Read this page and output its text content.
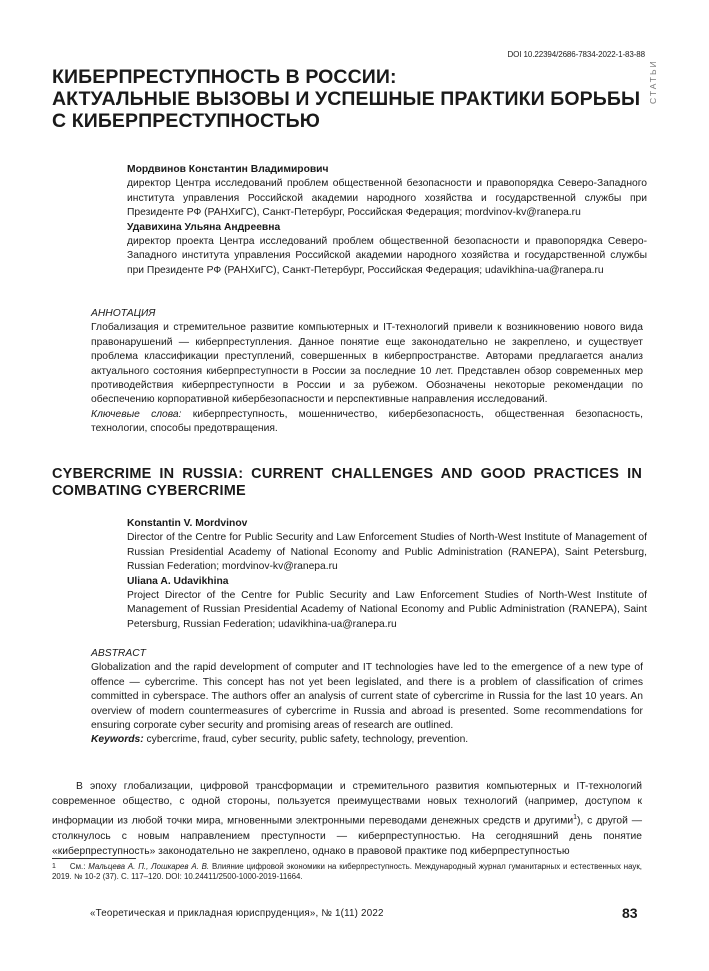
DOI 10.22394/2686-7834-2022-1-83-88
СТАТЬИ
КИБЕРПРЕСТУПНОСТЬ В РОССИИ:
АКТУАЛЬНЫЕ ВЫЗОВЫ И УСПЕШНЫЕ ПРАКТИКИ БОРЬБЫ
С КИБЕРПРЕСТУПНОСТЬЮ
Мордвинов Константин Владимирович
директор Центра исследований проблем общественной безопасности и правопорядка Северо-Западного института управления Российской академии народного хозяйства и государственной службы при Президенте РФ (РАНХиГС), Санкт-Петербург, Российская Федерация; mordvinov-kv@ranepa.ru
Удавихина Ульяна Андреевна
директор проекта Центра исследований проблем общественной безопасности и правопорядка Северо-Западного института управления Российской академии народного хозяйства и государственной службы при Президенте РФ (РАНХиГС), Санкт-Петербург, Российская Федерация; udavikhina-ua@ranepa.ru
АННОТАЦИЯ

Глобализация и стремительное развитие компьютерных и IT-технологий привели к возникновению нового вида правонарушений — киберпреступления. Данное понятие еще законодательно не закреплено, и существует проблема классификации преступлений, совершенных в киберпространстве. Авторами предлагается анализ актуального состояния киберпреступности в России за последние 10 лет. Представлен обзор современных мер противодействия киберпреступности в России и за рубежом. Обозначены некоторые рекомендации по обеспечению корпоративной кибербезопасности и перспективные направления исследований.

Ключевые слова: киберпреступность, мошенничество, кибербезопасность, общественная безопасность, технологии, способы предотвращения.

CYBERCRIME IN RUSSIA: CURRENT CHALLENGES AND GOOD PRACTICES IN COMBATING CYBERCRIME
Konstantin V. Mordvinov
Director of the Centre for Public Security and Law Enforcement Studies of North-West Institute of Management of Russian Presidential Academy of National Economy and Public Administration (RANEPA), Saint Petersburg, Russian Federation; mordvinov-kv@ranepa.ru
Uliana A. Udavikhina
Project Director of the Centre for Public Security and Law Enforcement Studies of North-West Institute of Management of Russian Presidential Academy of National Economy and Public Administration (RANEPA), Saint Petersburg, Russian Federation; udavikhina-ua@ranepa.ru
ABSTRACT

Globalization and the rapid development of computer and IT technologies have led to the emergence of a new type of offence — cybercrime. This concept has not yet been legislated, and there is a problem of classification of crimes committed in cyberspace. The authors offer an analysis of current state of cybercrime in Russia for the last 10 years. An overview of modern countermeasures of cybercrime in Russia and abroad is presented. Some recommendations for ensuring corporate cyber security and promising areas of research are outlined.

Keywords: cybercrime, fraud, cyber security, public safety, technology, prevention.

В эпоху глобализации, цифровой трансформации и стремительного развития компьютерных и IT-технологий современное общество, с одной стороны, пользуется преимуществами новых технологий (например, доступом к информации из любой точки мира, мгновенными электронными переводами денежных средств и другими$^1$), с другой — столкнулось с новым направлением преступности — киберпреступностью. На сегодняшний день понятие «киберпреступность» законодательно не закреплено, однако в правовой практике под киберпреступностью

1 См.: Мальцева А. П., Лошкарев А. В. Влияние цифровой экономики на киберпреступность. Международный журнал гуманитарных и естественных наук, 2019. № 10-2 (37). С. 117–120. DOI: 10.24411/2500-1000-2019-11664.
«Теоретическая и прикладная юриспруденция», № 1(11) 2022	83
